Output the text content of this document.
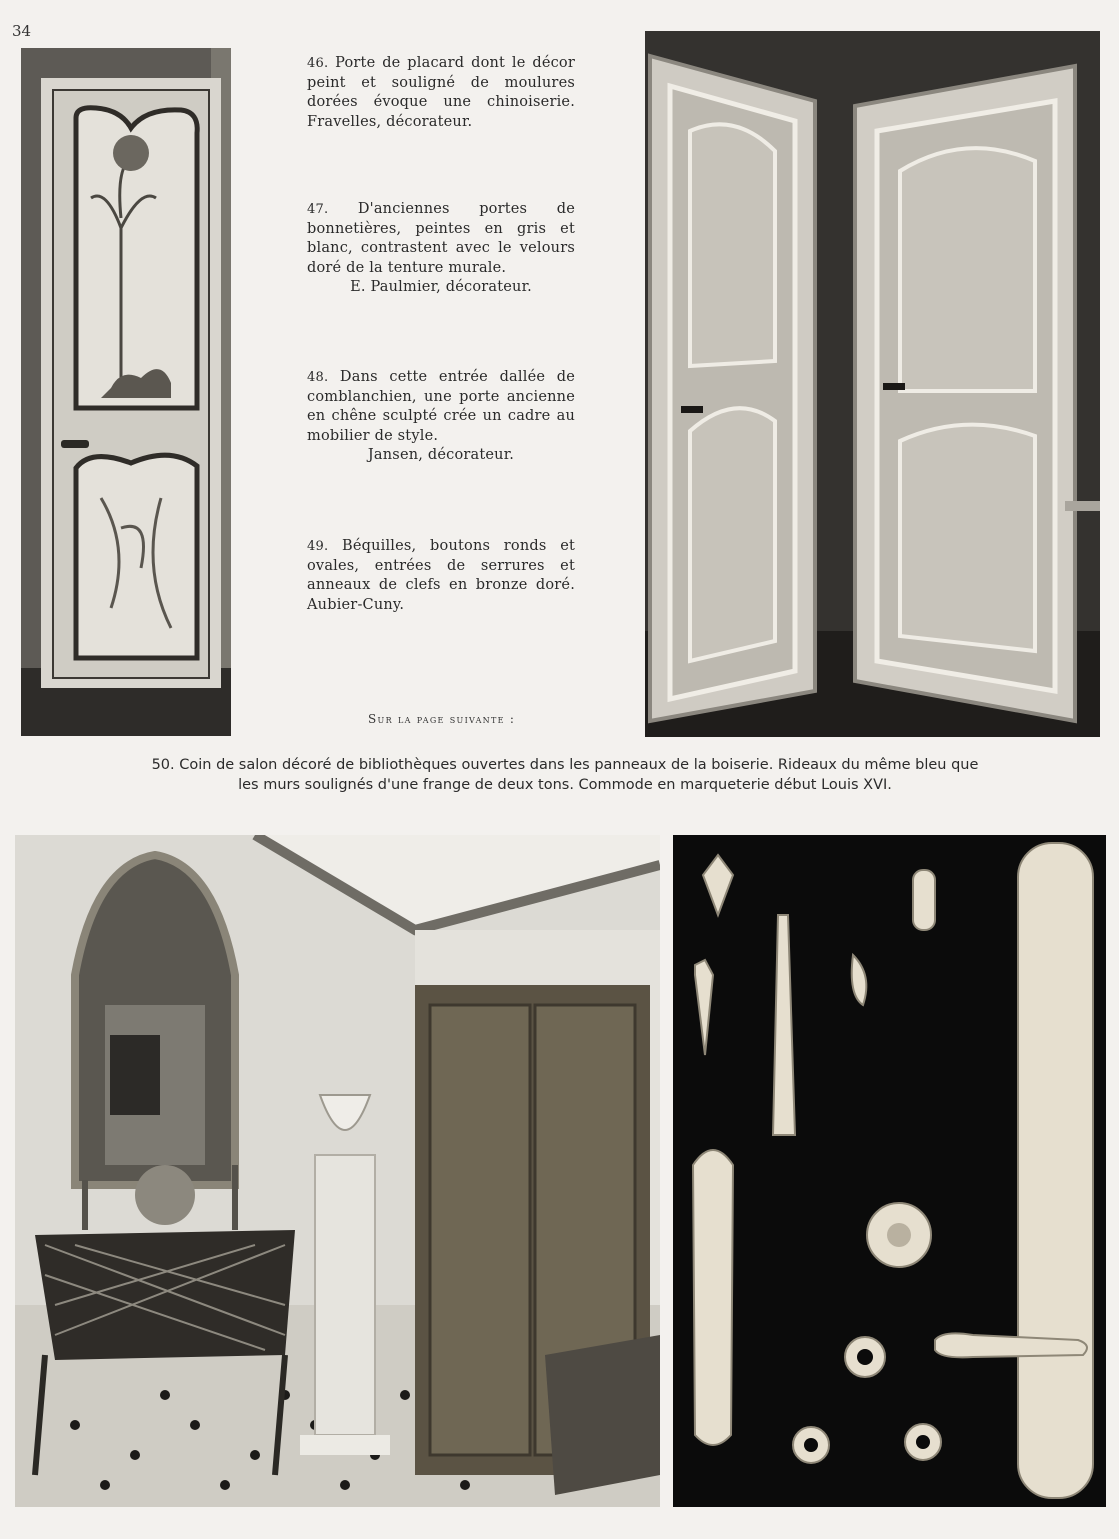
34
46. Porte de placard dont le décor peint et souligné de moulures dorées évoque une chinoiserie. Fravelles, décorateur.
47. D'anciennes portes de bonnetières, peintes en gris et blanc, contrastent avec le velours doré de la tenture murale.
E. Paulmier, décorateur.
48. Dans cette entrée dallée de comblanchien, une porte ancienne en chêne sculpté crée un cadre au mobilier de style.
Jansen, décorateur.
49. Béquilles, boutons ronds et ovales, entrées de serrures et anneaux de clefs en bronze doré. Aubier-Cuny.
Sur la page suivante :
50. Coin de salon décoré de bibliothèques ouvertes dans les panneaux de la boiserie. Rideaux du même bleu que
les murs soulignés d'une frange de deux tons. Commode en marqueterie début Louis XVI.
